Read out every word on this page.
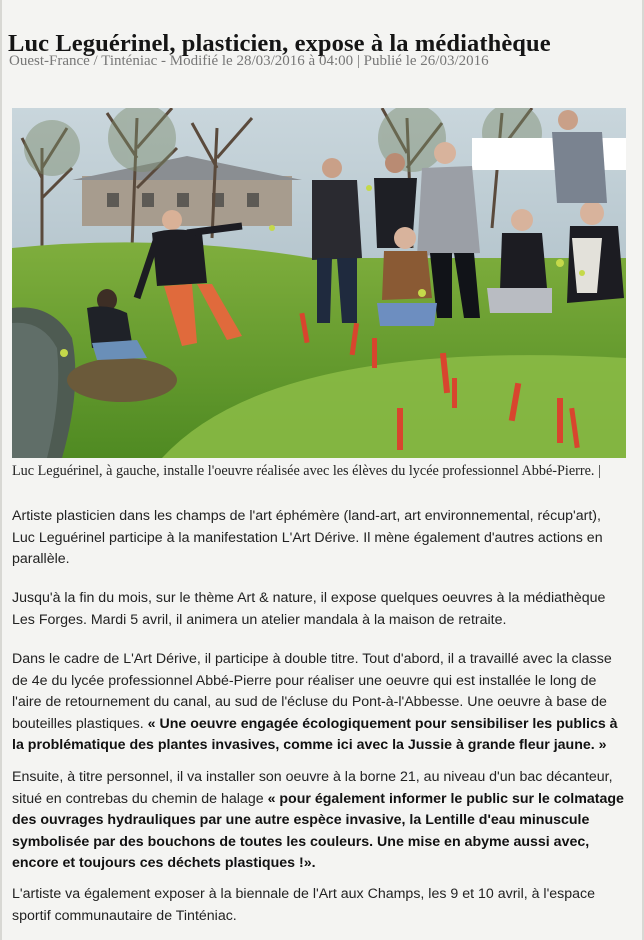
Luc Leguérinel, plasticien, expose à la médiathèque
Ouest-France / Tinténiac - Modifié le 28/03/2016 à 04:00 | Publié le 26/03/2016
Luc Leguérinel, à gauche, installe l'oeuvre réalisée avec les élèves du lycée professionnel Abbé-Pierre. |

Artiste plasticien dans les champs de l'art éphémère (land-art, art environnemental, récup'art), Luc Leguérinel participe à la manifestation L'Art Dérive. Il mène également d'autres actions en parallèle.

Jusqu'à la fin du mois, sur le thème Art & nature, il expose quelques oeuvres à la médiathèque Les Forges. Mardi 5 avril, il animera un atelier mandala à la maison de retraite.

Dans le cadre de L'Art Dérive, il participe à double titre. Tout d'abord, il a travaillé avec la classe de 4e du lycée professionnel Abbé-Pierre pour réaliser une oeuvre qui est installée le long de l'aire de retournement du canal, au sud de l'écluse du Pont-à-l'Abbesse. Une oeuvre à base de bouteilles plastiques. « Une oeuvre engagée écologiquement pour sensibiliser les publics à la problématique des plantes invasives, comme ici avec la Jussie à grande fleur jaune. »

Ensuite, à titre personnel, il va installer son oeuvre à la borne 21, au niveau d'un bac décanteur, situé en contrebas du chemin de halage « pour également informer le public sur le colmatage des ouvrages hydrauliques par une autre espèce invasive, la Lentille d'eau minuscule symbolisée par des bouchons de toutes les couleurs. Une mise en abyme aussi avec, encore et toujours ces déchets plastiques !».

L'artiste va également exposer à la biennale de l'Art aux Champs, les 9 et 10 avril, à l'espace sportif communautaire de Tinténiac.
